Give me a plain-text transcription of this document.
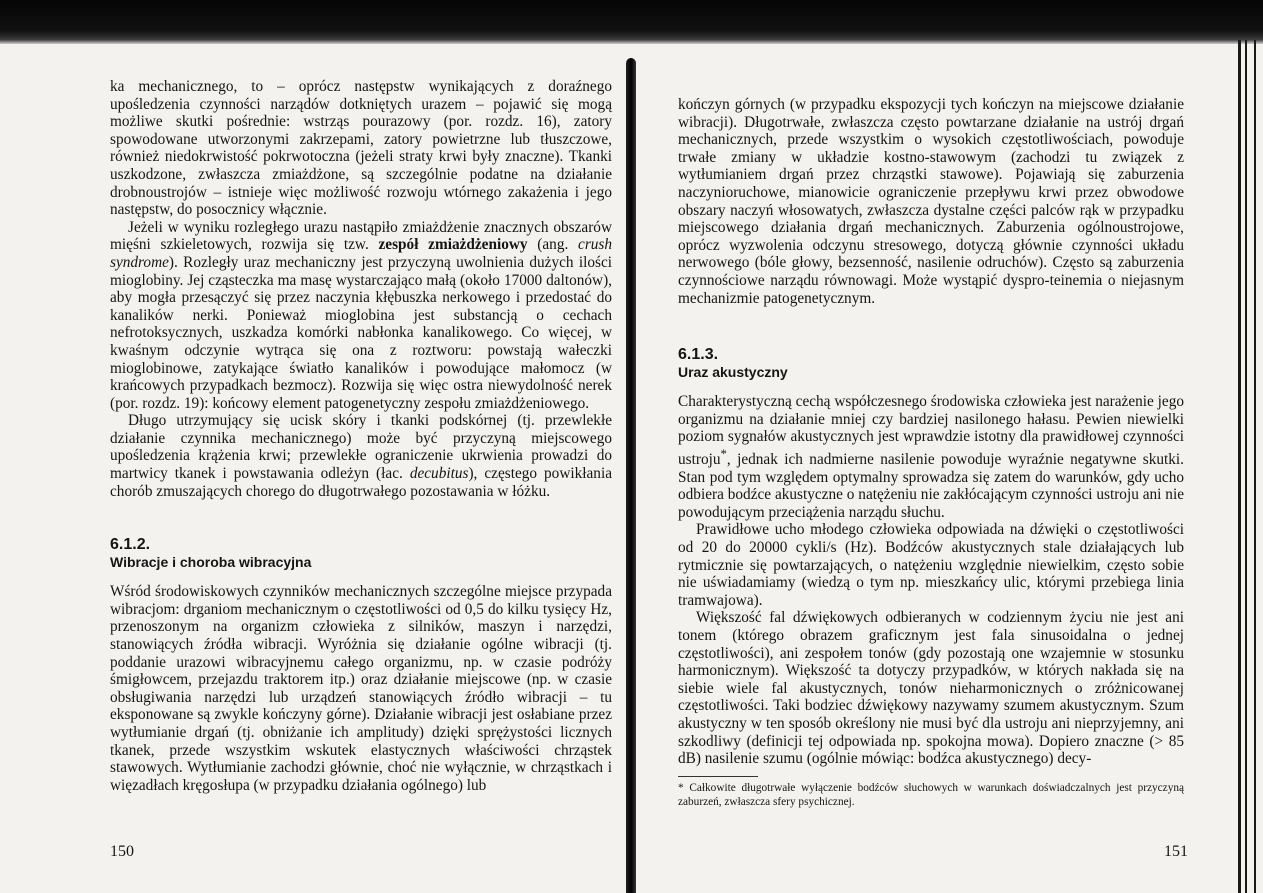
ka mechanicznego, to – oprócz następstw wynikających z doraźnego upośledzenia czynności narządów dotkniętych urazem – pojawić się mogą możliwe skutki pośrednie: wstrząs pourazowy (por. rozdz. 16), zatory spowodowane utworzonymi zakrzepami, zatory powietrzne lub tłuszczowe, również niedokrwistość pokrwotoczna (jeżeli straty krwi były znaczne). Tkanki uszkodzone, zwłaszcza zmiażdżone, są szczególnie podatne na działanie drobnoustrojów – istnieje więc możliwość rozwoju wtórnego zakażenia i jego następstw, do posocznicy włącznie.

Jeżeli w wyniku rozległego urazu nastąpiło zmiażdżenie znacznych obszarów mięśni szkieletowych, rozwija się tzw. zespół zmiażdżeniowy (ang. crush syndrome). Rozległy uraz mechaniczny jest przyczyną uwolnienia dużych ilości mioglobiny. Jej cząsteczka ma masę wystarczająco małą (około 17000 daltonów), aby mogła przesączyć się przez naczynia kłębuszka nerkowego i przedostać do kanalików nerki. Ponieważ mioglobina jest substancją o cechach nefrotoksycznych, uszkadza komórki nabłonka kanalikowego. Co więcej, w kwaśnym odczynie wytrąca się ona z roztworu: powstają wałeczki mioglobinowe, zatykające światło kanalików i powodujące małomocz (w krańcowych przypadkach bezmocz). Rozwija się więc ostra niewydolność nerek (por. rozdz. 19): końcowy element patogenetyczny zespołu zmiażdżeniowego.

Długo utrzymujący się ucisk skóry i tkanki podskórnej (tj. przewlekłe działanie czynnika mechanicznego) może być przyczyną miejscowego upośledzenia krążenia krwi; przewlekłe ograniczenie ukrwienia prowadzi do martwicy tkanek i powstawania odleżyn (łac. decubitus), częstego powikłania chorób zmuszających chorego do długotrwałego pozostawania w łóżku.

6.1.2.
Wibracje i choroba wibracyjna

Wśród środowiskowych czynników mechanicznych szczególne miejsce przypada wibracjom: drganiom mechanicznym o częstotliwości od 0,5 do kilku tysięcy Hz, przenoszonym na organizm człowieka z silników, maszyn i narzędzi, stanowiących źródła wibracji. Wyróżnia się działanie ogólne wibracji (tj. poddanie urazowi wibracyjnemu całego organizmu, np. w czasie podróży śmigłowcem, przejazdu traktorem itp.) oraz działanie miejscowe (np. w czasie obsługiwania narzędzi lub urządzeń stanowiących źródło wibracji – tu eksponowane są zwykle kończyny górne). Działanie wibracji jest osłabiane przez wytłumianie drgań (tj. obniżanie ich amplitudy) dzięki sprężystości licznych tkanek, przede wszystkim wskutek elastycznych właściwości chrząstek stawowych. Wytłumianie zachodzi głównie, choć nie wyłącznie, w chrząstkach i więzadłach kręgosłupa (w przypadku działania ogólnego) lub

150

kończyn górnych (w przypadku ekspozycji tych kończyn na miejscowe działanie wibracji). Długotrwałe, zwłaszcza często powtarzane działanie na ustrój drgań mechanicznych, przede wszystkim o wysokich częstotliwościach, powoduje trwałe zmiany w układzie kostno-stawowym (zachodzi tu związek z wytłumianiem drgań przez chrząstki stawowe). Pojawiają się zaburzenia naczynioruchowe, mianowicie ograniczenie przepływu krwi przez obwodowe obszary naczyń włosowatych, zwłaszcza dystalne części palców rąk w przypadku miejscowego działania drgań mechanicznych. Zaburzenia ogólnoustrojowe, oprócz wyzwolenia odczynu stresowego, dotyczą głównie czynności układu nerwowego (bóle głowy, bezsenność, nasilenie odruchów). Często są zaburzenia czynnościowe narządu równowagi. Może wystąpić dyspro-teinemia o niejasnym mechanizmie patogenetycznym.

6.1.3.
Uraz akustyczny

Charakterystyczną cechą współczesnego środowiska człowieka jest narażenie jego organizmu na działanie mniej czy bardziej nasilonego hałasu. Pewien niewielki poziom sygnałów akustycznych jest wprawdzie istotny dla prawidłowej czynności ustroju*, jednak ich nadmierne nasilenie powoduje wyraźnie negatywne skutki. Stan pod tym względem optymalny sprowadza się zatem do warunków, gdy ucho odbiera bodźce akustyczne o natężeniu nie zakłócającym czynności ustroju ani nie powodującym przeciążenia narządu słuchu.

Prawidłowe ucho młodego człowieka odpowiada na dźwięki o częstotliwości od 20 do 20000 cykli/s (Hz). Bodźców akustycznych stale działających lub rytmicznie się powtarzających, o natężeniu względnie niewielkim, często sobie nie uświadamiamy (wiedzą o tym np. mieszkańcy ulic, którymi przebiega linia tramwajowa).

Większość fal dźwiękowych odbieranych w codziennym życiu nie jest ani tonem (którego obrazem graficznym jest fala sinusoidalna o jednej częstotliwości), ani zespołem tonów (gdy pozostają one wzajemnie w stosunku harmonicznym). Większość ta dotyczy przypadków, w których nakłada się na siebie wiele fal akustycznych, tonów nieharmonicznych o zróżnicowanej częstotliwości. Taki bodziec dźwiękowy nazywamy szumem akustycznym. Szum akustyczny w ten sposób określony nie musi być dla ustroju ani nieprzyjemny, ani szkodliwy (definicji tej odpowiada np. spokojna mowa). Dopiero znaczne (> 85 dB) nasilenie szumu (ogólnie mówiąc: bodźca akustycznego) decy-

* Całkowite długotrwałe wyłączenie bodźców słuchowych w warunkach doświadczalnych jest przyczyną zaburzeń, zwłaszcza sfery psychicznej.

151
